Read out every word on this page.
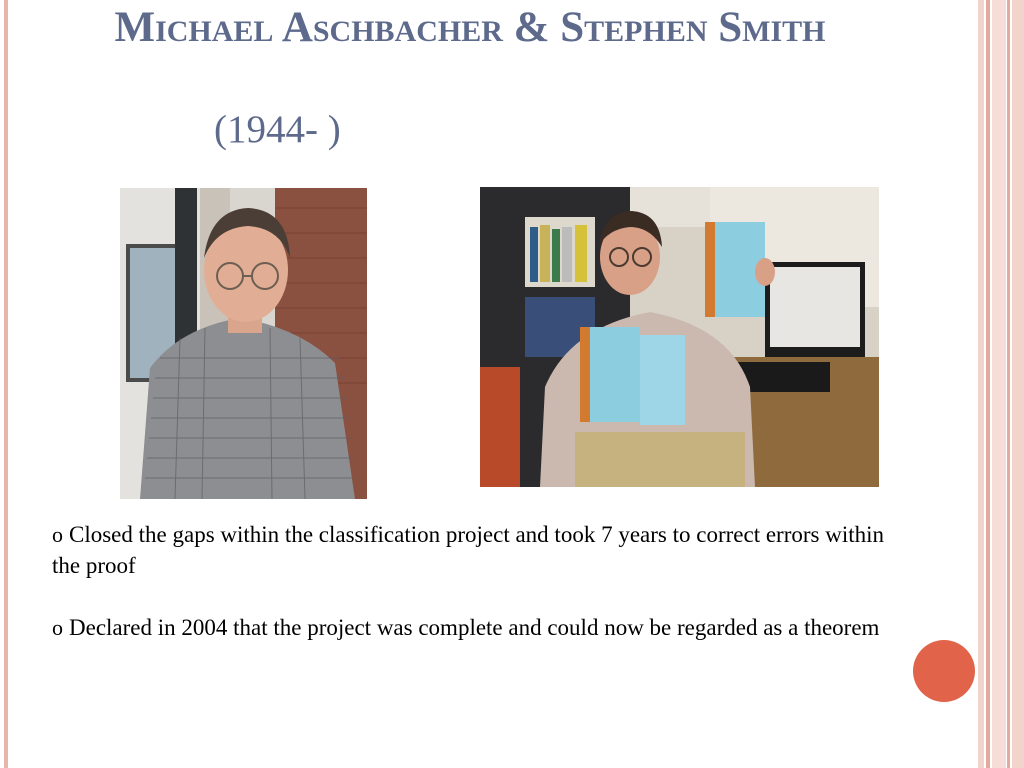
Michael Aschbacher & Stephen Smith
(1944- )

o Closed the gaps within the classification project and took 7 years to correct errors within the proof

o Declared in 2004 that the project was complete and could now be regarded as a theorem
